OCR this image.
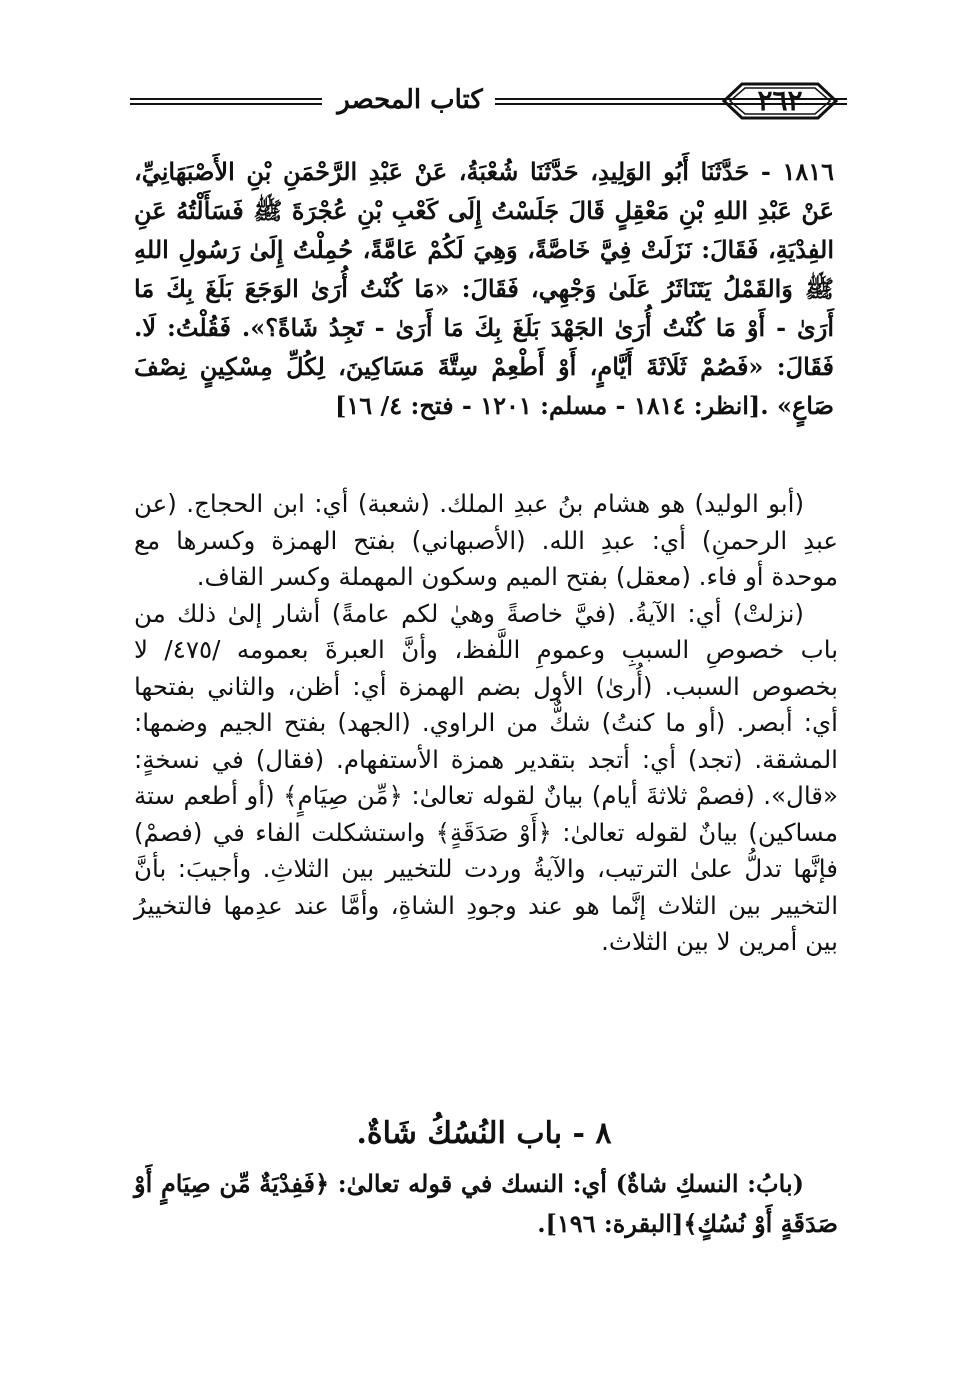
كتاب المحصر	٢٦٢

١٨١٦ - حَدَّثَنَا أَبُو الوَلِيدِ، حَدَّثَنَا شُعْبَةُ، عَنْ عَبْدِ الرَّحْمَنِ بْنِ الأَصْبَهَانِيِّ، عَنْ عَبْدِ اللهِ بْنِ مَعْقِلٍ قَالَ جَلَسْتُ إِلَى كَعْبِ بْنِ عُجْرَةَ ﷺ فَسَأَلْتُهُ عَنِ الفِدْيَةِ، فَقَالَ: نَزَلَتْ فِيَّ خَاصَّةً، وَهِيَ لَكُمْ عَامَّةً، حُمِلْتُ إِلَىٰ رَسُولِ اللهِ ﷺ وَالقَمْلُ يَتَنَاثَرُ عَلَىٰ وَجْهِي، فَقَالَ: «مَا كُنْتُ أُرَىٰ الوَجَعَ بَلَغَ بِكَ مَا أَرَىٰ - أَوْ مَا كُنْتُ أُرَىٰ الجَهْدَ بَلَغَ بِكَ مَا أَرَىٰ - تَجِدُ شَاةً؟». فَقُلْتُ: لَا. فَقَالَ: «فَصُمْ ثَلَاثَةَ أَيَّامٍ، أَوْ أَطْعِمْ سِتَّةَ مَسَاكِينَ، لِكُلِّ مِسْكِينٍ نِصْفَ صَاعٍ» .[انظر: ١٨١٤ - مسلم: ١٢٠١ - فتح: ٤/ ١٦]

(أبو الوليد) هو هشام بنُ عبدِ الملك. (شعبة) أي: ابن الحجاج. (عن عبدِ الرحمنِ) أي: عبدِ الله. (الأصبهاني) بفتح الهمزة وكسرها مع موحدة أو فاء. (معقل) بفتح الميم وسكون المهملة وكسر القاف.

(نزلتْ) أي: الآيةُ. (فيَّ خاصةً وهيٰ لكم عامةً) أشار إلىٰ ذلك من باب خصوصِ السببِ وعمومِ اللَّفظ، وأنَّ العبرةَ بعمومه /٤٧٥/ لا بخصوص السبب. (أُرىٰ) الأول بضم الهمزة أي: أظن، والثاني بفتحها أي: أبصر. (أو ما كنتُ) شكٌّ من الراوي. (الجهد) بفتح الجيم وضمها: المشقة. (تجد) أي: أتجد بتقدير همزة الأستفهام. (فقال) في نسخةٍ: «قال». (فصمْ ثلاثةَ أيام) بيانٌ لقوله تعالىٰ: ﴿مِّن صِيَامٍ﴾ (أو أطعم ستة مساكين) بيانٌ لقوله تعالىٰ: ﴿أَوْ صَدَقَةٍ﴾ واستشكلت الفاء في (فصمْ) فإنَّها تدلُّ علىٰ الترتيب، والآيةُ وردت للتخيير بين الثلاثِ. وأجيبَ: بأنَّ التخيير بين الثلاث إنَّما هو عند وجودِ الشاةِ، وأمَّا عند عدِمها فالتخييرُ بين أمرين لا بين الثلاث.

٨ - باب النُسُكُ شَاةٌ.

(بابُ: النسكِ شاةٌ) أي: النسك في قوله تعالىٰ: ﴿فَفِدْيَةٌ مِّن صِيَامٍ أَوْ صَدَقَةٍ أَوْ نُسُكٍ﴾[البقرة: ١٩٦].
